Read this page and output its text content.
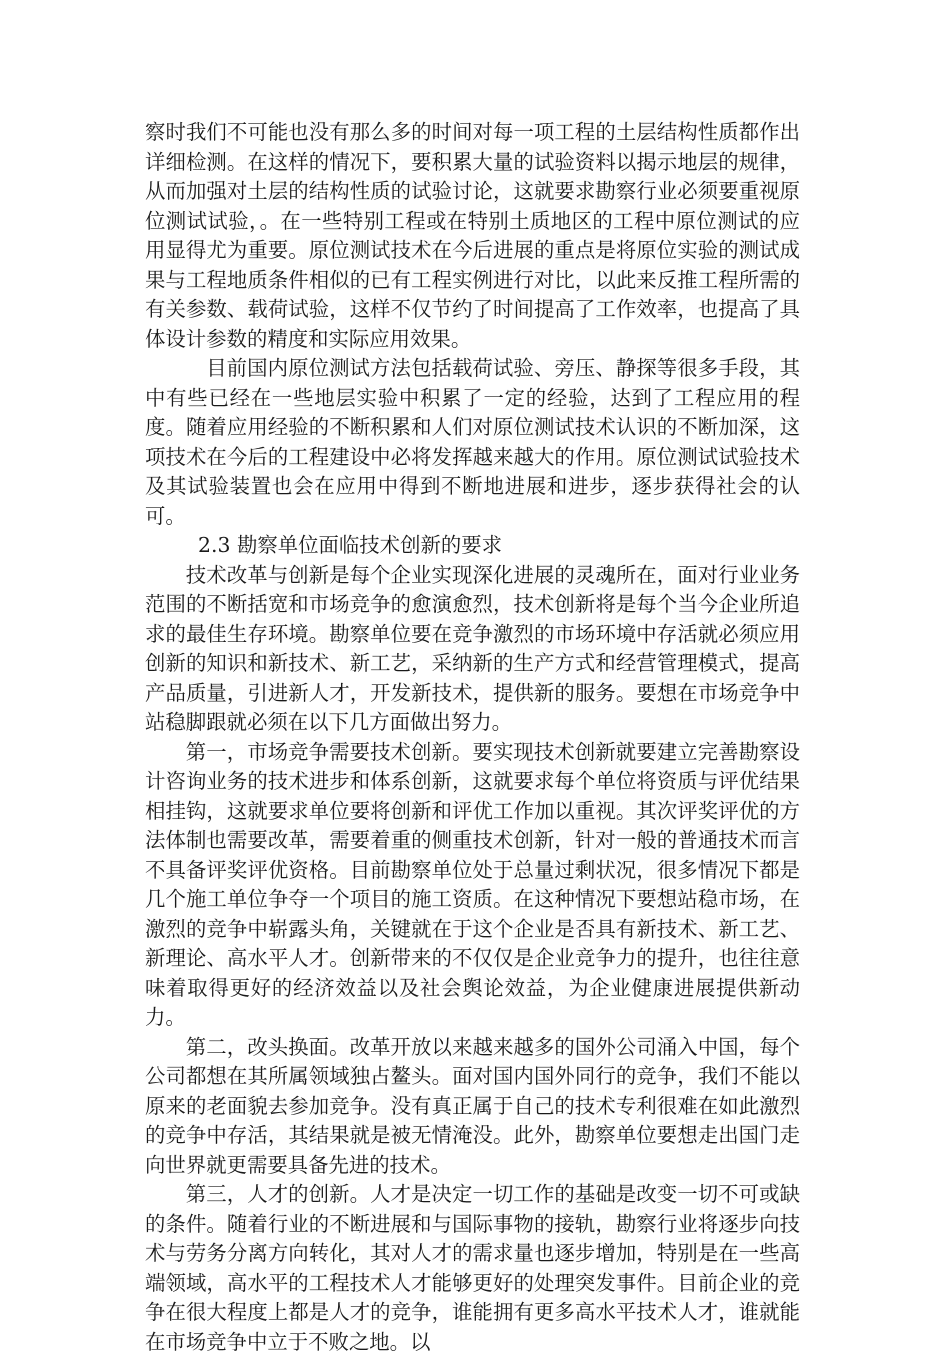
察时我们不可能也没有那么多的时间对每一项工程的土层结构性质都作出详细检测。在这样的情况下，要积累大量的试验资料以揭示地层的规律，从而加强对土层的结构性质的试验讨论，这就要求勘察行业必须要重视原位测试试验，。在一些特别工程或在特别土质地区的工程中原位测试的应用显得尤为重要。原位测试技术在今后进展的重点是将原位实验的测试成果与工程地质条件相似的已有工程实例进行对比，以此来反推工程所需的有关参数、载荷试验，这样不仅节约了时间提高了工作效率，也提高了具体设计参数的精度和实际应用效果。

目前国内原位测试方法包括载荷试验、旁压、静探等很多手段，其中有些已经在一些地层实验中积累了一定的经验，达到了工程应用的程度。随着应用经验的不断积累和人们对原位测试技术认识的不断加深，这项技术在今后的工程建设中必将发挥越来越大的作用。原位测试试验技术及其试验装置也会在应用中得到不断地进展和进步，逐步获得社会的认可。

2.3 勘察单位面临技术创新的要求

技术改革与创新是每个企业实现深化进展的灵魂所在，面对行业业务范围的不断括宽和市场竞争的愈演愈烈，技术创新将是每个当今企业所追求的最佳生存环境。勘察单位要在竞争激烈的市场环境中存活就必须应用创新的知识和新技术、新工艺，采纳新的生产方式和经营管理模式，提高产品质量，引进新人才，开发新技术，提供新的服务。要想在市场竞争中站稳脚跟就必须在以下几方面做出努力。

第一，市场竞争需要技术创新。要实现技术创新就要建立完善勘察设计咨询业务的技术进步和体系创新，这就要求每个单位将资质与评优结果相挂钩，这就要求单位要将创新和评优工作加以重视。其次评奖评优的方法体制也需要改革，需要着重的侧重技术创新，针对一般的普通技术而言不具备评奖评优资格。目前勘察单位处于总量过剩状况，很多情况下都是几个施工单位争夺一个项目的施工资质。在这种情况下要想站稳市场，在激烈的竞争中崭露头角，关键就在于这个企业是否具有新技术、新工艺、新理论、高水平人才。创新带来的不仅仅是企业竞争力的提升，也往往意味着取得更好的经济效益以及社会舆论效益，为企业健康进展提供新动力。

第二，改头换面。改革开放以来越来越多的国外公司涌入中国，每个公司都想在其所属领域独占鳌头。面对国内国外同行的竞争，我们不能以原来的老面貌去参加竞争。没有真正属于自己的技术专利很难在如此激烈的竞争中存活，其结果就是被无情淹没。此外，勘察单位要想走出国门走向世界就更需要具备先进的技术。

第三，人才的创新。人才是决定一切工作的基础是改变一切不可或缺的条件。随着行业的不断进展和与国际事物的接轨，勘察行业将逐步向技术与劳务分离方向转化，其对人才的需求量也逐步增加，特别是在一些高端领域，高水平的工程技术人才能够更好的处理突发事件。目前企业的竞争在很大程度上都是人才的竞争，谁能拥有更多高水平技术人才，谁就能在市场竞争中立于不败之地。以
